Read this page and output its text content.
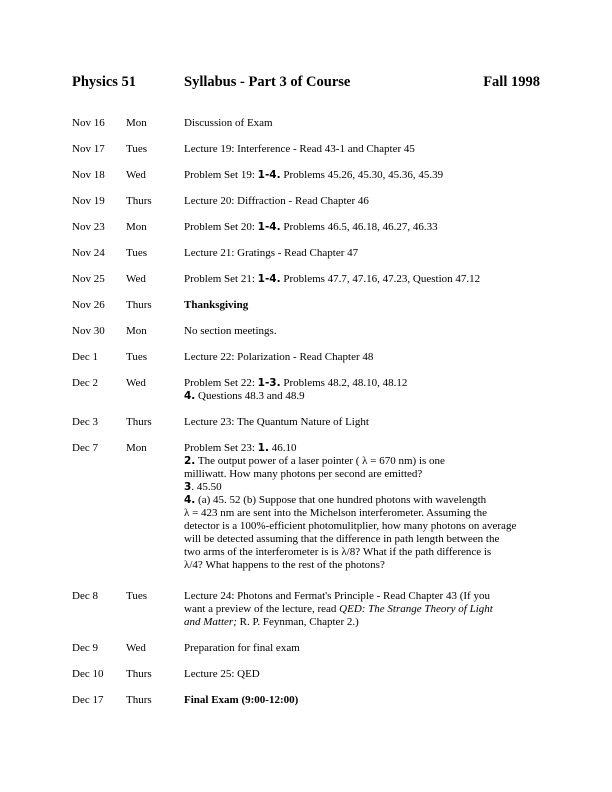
Physics 51	Syllabus - Part 3 of Course	Fall 1998
Nov 16 Mon	Discussion of Exam
Nov 17 Tues	Lecture 19: Interference - Read 43-1 and Chapter 45
Nov 18 Wed	Problem Set 19: 1-4. Problems 45.26, 45.30, 45.36, 45.39
Nov 19 Thurs	Lecture 20: Diffraction - Read Chapter 46
Nov 23 Mon	Problem Set 20: 1-4. Problems 46.5, 46.18, 46.27, 46.33
Nov 24 Tues	Lecture 21: Gratings - Read Chapter 47
Nov 25 Wed	Problem Set 21: 1-4. Problems 47.7, 47.16, 47.23, Question 47.12
Nov 26 Thurs	Thanksgiving
Nov 30 Mon	No section meetings.
Dec 1	Tues	Lecture 22: Polarization - Read Chapter 48
Dec 2	Wed	Problem Set 22: 1-3. Problems 48.2, 48.10, 48.12
4. Questions 48.3 and 48.9
Dec 3	Thurs	Lecture 23: The Quantum Nature of Light
Dec 7	Mon	Problem Set 23: 1. 46.10
2. The output power of a laser pointer ( λ = 670 nm) is one
milliwatt. How many photons per second are emitted?
3. 45.50
4. (a) 45. 52 (b) Suppose that one hundred photons with wavelength
λ = 423 nm are sent into the Michelson interferometer. Assuming the
detector is a 100%-efficient photomulitplier, how many photons on average
will be detected assuming that the difference in path length between the
two arms of the interferometer is is λ/8? What if the path difference is
λ/4? What happens to the rest of the photons?
Dec 8	Tues	Lecture 24: Photons and Fermat's Principle - Read Chapter 43 (If you
want a preview of the lecture, read QED: The Strange Theory of Light
and Matter; R. P. Feynman, Chapter 2.)
Dec 9	Wed	Preparation for final exam
Dec 10 Thurs	Lecture 25: QED
Dec 17 Thurs	Final Exam (9:00-12:00)
